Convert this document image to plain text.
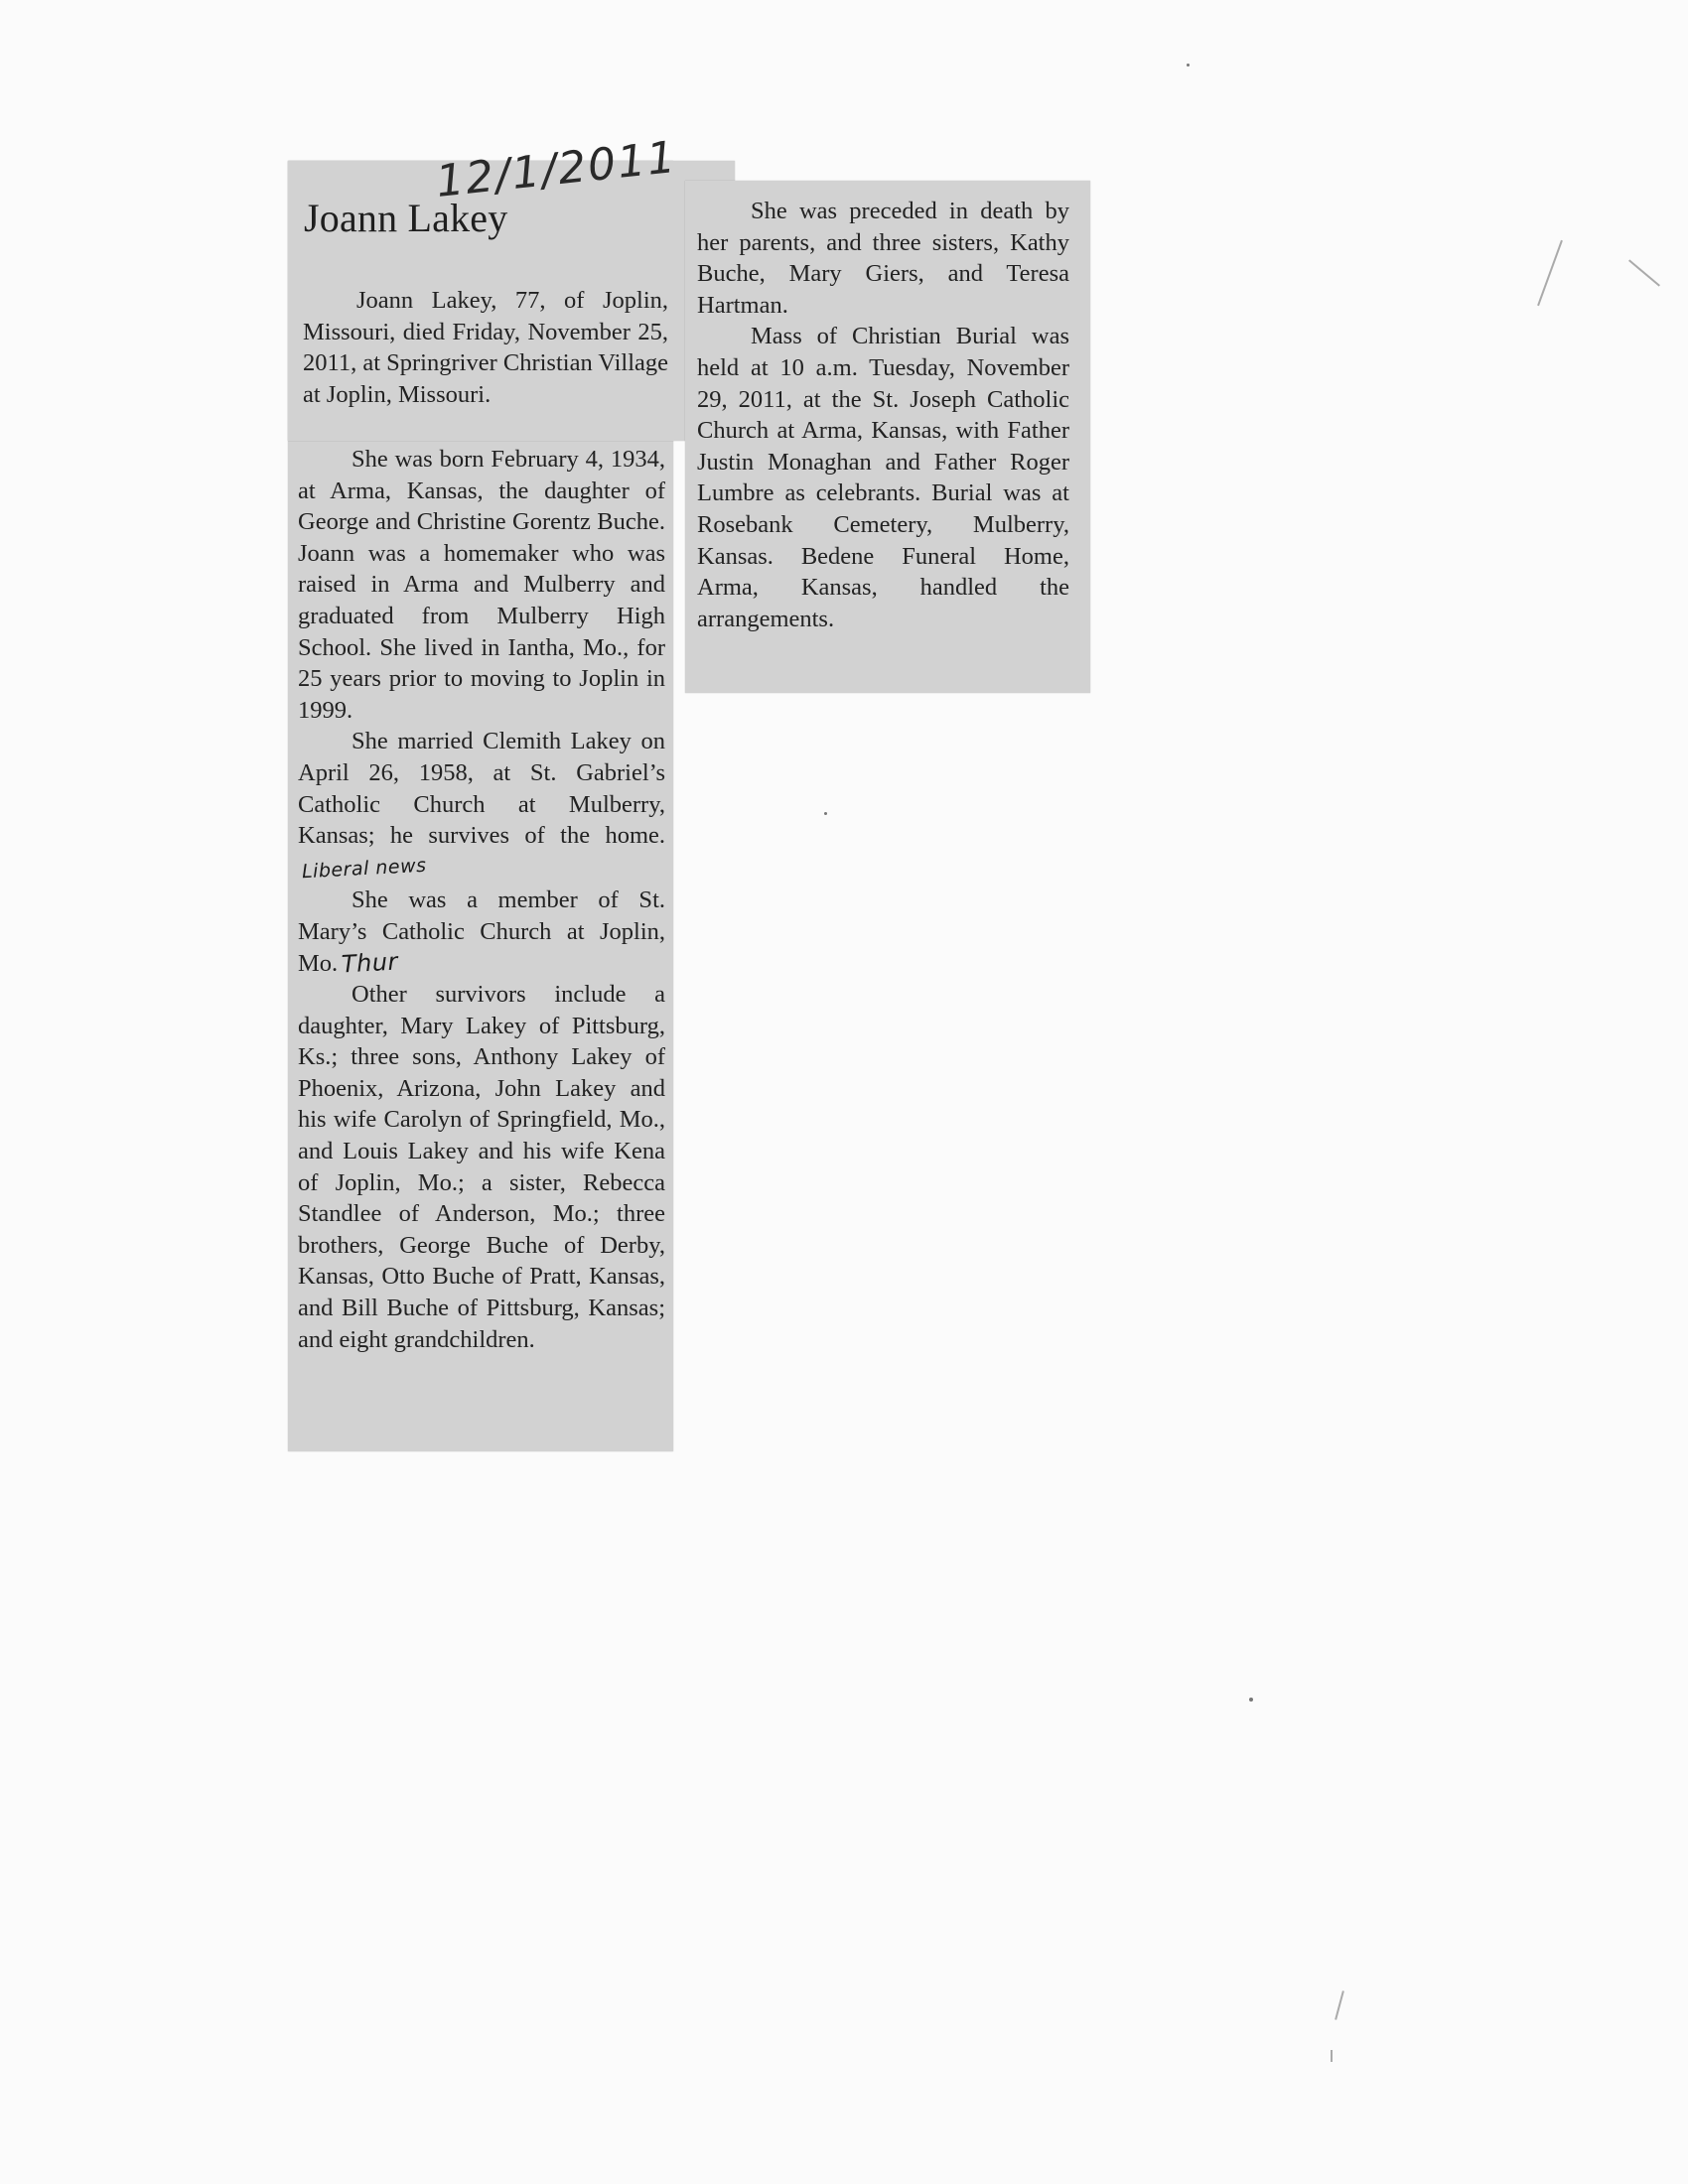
Joann Lakey
12/1/2011

Joann Lakey, 77, of Joplin, Missouri, died Friday, November 25, 2011, at Springriver Christian Village at Joplin, Missouri.

She was born February 4, 1934, at Arma, Kansas, the daughter of George and Christine Gorentz Buche. Joann was a homemaker who was raised in Arma and Mulberry and graduated from Mulberry High School. She lived in Iantha, Mo., for 25 years prior to moving to Joplin in 1999.

She married Clemith Lakey on April 26, 1958, at St. Gabriel’s Catholic Church at Mulberry, Kansas; he survives of the home.Liberal news

She was a member of St. Mary’s Catholic Church at Joplin, Mo. Thur

Other survivors include a daughter, Mary Lakey of Pittsburg, Ks.; three sons, Anthony Lakey of Phoenix, Arizona, John Lakey and his wife Carolyn of Springfield, Mo., and Louis Lakey and his wife Kena of Joplin, Mo.; a sister, Rebecca Standlee of Anderson, Mo.; three brothers, George Buche of Derby, Kansas, Otto Buche of Pratt, Kansas, and Bill Buche of Pittsburg, Kansas; and eight grandchildren.

She was preceded in death by her parents, and three sisters, Kathy Buche, Mary Giers, and Teresa Hartman.

Mass of Christian Burial was held at 10 a.m. Tuesday, November 29, 2011, at the St. Joseph Catholic Church at Arma, Kansas, with Father Justin Monaghan and Father Roger Lumbre as celebrants. Burial was at Rosebank Cemetery, Mulberry, Kansas. Bedene Funeral Home, Arma, Kansas, handled the arrangements.
